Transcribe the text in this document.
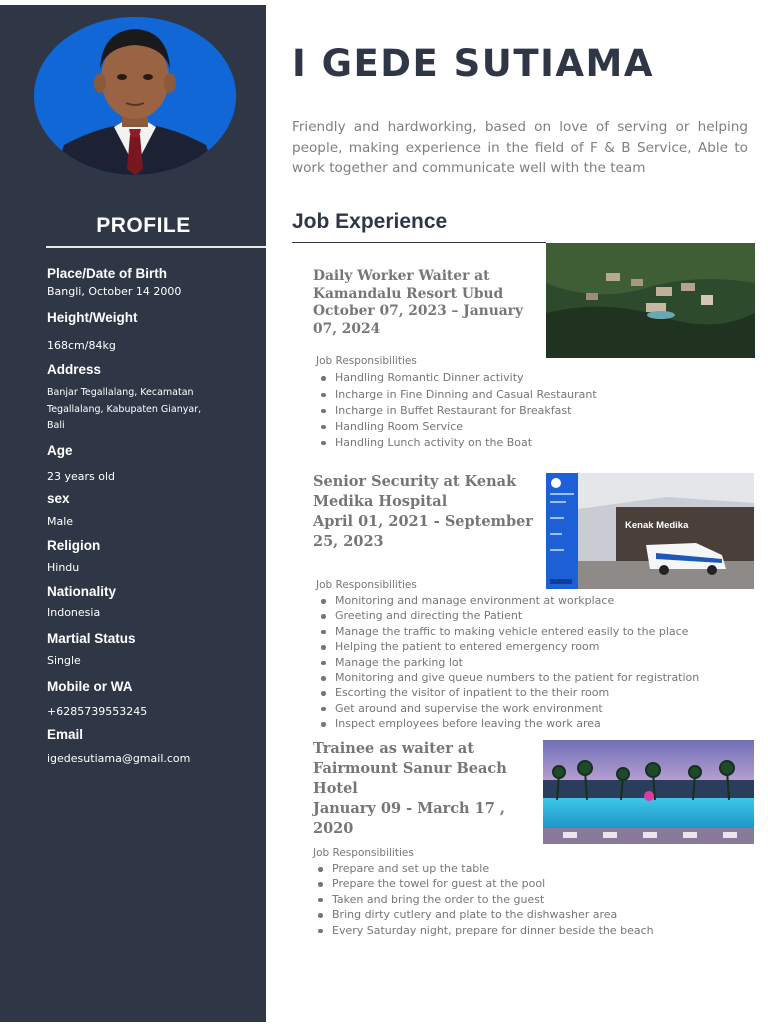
PROFILE
Place/Date of Birth
Bangli, October 14 2000
Height/Weight
168cm/84kg
Address
Banjar Tegallalang, Kecamatan Tegallalang, Kabupaten Gianyar, Bali
Age
23 years old
sex
Male
Religion
Hindu
Nationality
Indonesia
Martial Status
Single
Mobile or WA
+6285739553245
Email
igedesutiama@gmail.com
I GEDE SUTIAMA
Friendly and hardworking, based on love of serving or helping people, making experience in the field of F & B Service, Able to work together and communicate well with the team
Job Experience
Daily Worker Waiter at Kamandalu Resort Ubud
October 07, 2023 – January 07, 2024
Job Responsibilities
Handling Romantic Dinner activity
Incharge in Fine Dinning and Casual Restaurant
Incharge in Buffet Restaurant for Breakfast
Handling Room Service
Handling Lunch activity on the Boat
Senior Security at Kenak Medika Hospital
April 01, 2021 - September 25, 2023
Kenak Medika
Job Responsibilities
Monitoring and manage environment at workplace
Greeting and directing the Patient
Manage the traffic to making vehicle entered easily to the place
Helping the patient to entered emergency room
Manage the parking lot
Monitoring and give queue numbers to the patient for registration
Escorting the visitor of inpatient to the their room
Get around and supervise the work environment
Inspect employees before leaving the work area
Trainee as waiter at Fairmount Sanur Beach Hotel
January 09 - March 17 , 2020
Job Responsibilities
Prepare and set up the table
Prepare the towel for guest at the pool
Taken and bring the order to the guest
Bring dirty cutlery and plate to the dishwasher area
Every Saturday night, prepare for dinner beside the beach
